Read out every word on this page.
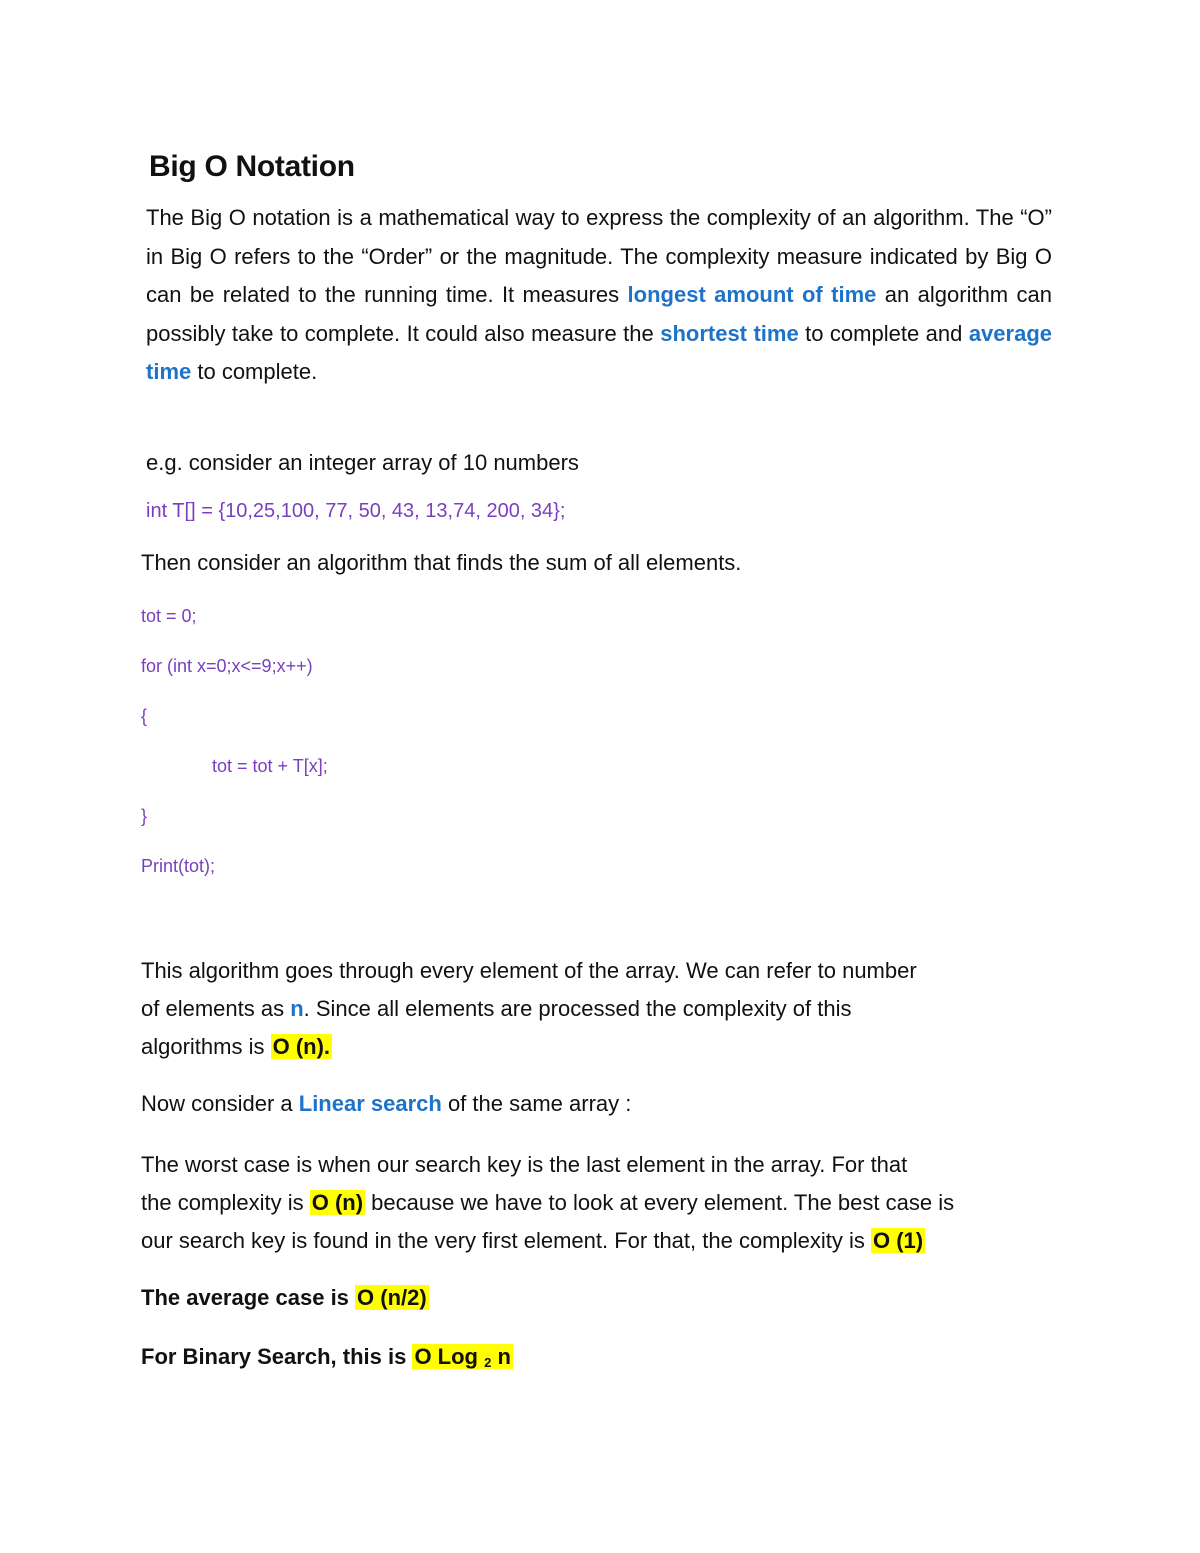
Big O Notation

The Big O notation is a mathematical way to express the complexity of an algorithm. The “O” in Big O refers to the “Order” or the magnitude. The complexity measure indicated by Big O can be related to the running time. It measures longest amount of time an algorithm can possibly take to complete. It could also measure the shortest time to complete and average time to complete.

e.g. consider an integer array of 10 numbers

int T[] = {10,25,100, 77, 50, 43, 13,74, 200, 34};

Then consider an algorithm that finds the sum of all elements.

tot = 0;

for (int x=0;x<=9;x++)

{

tot = tot + T[x];

}

Print(tot);

This algorithm goes through every element of the array. We can refer to number
of elements as n. Since all elements are processed the complexity of this
algorithms is O (n).

Now consider a Linear search of the same array :

The worst case is when our search key is the last element in the array. For that
the complexity is O (n) because we have to look at every element. The best case is
our search key is found in the very first element. For that, the complexity is O (1)

The average case is O (n/2)

For Binary Search, this is O Log $_2$ n
